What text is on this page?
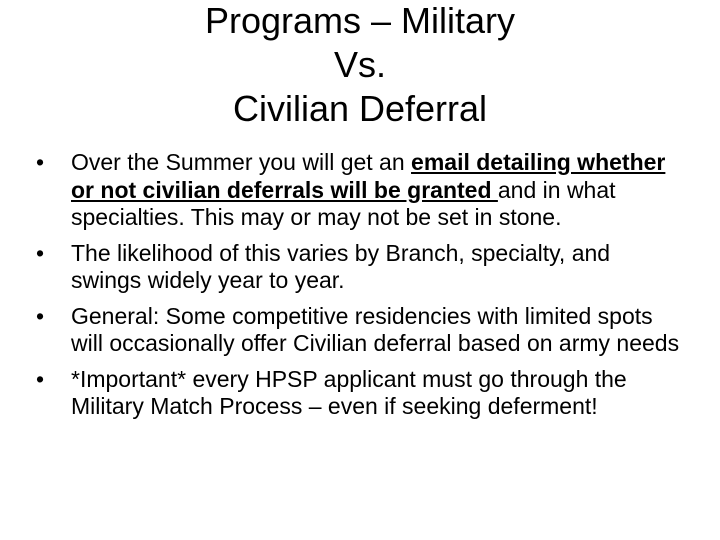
Programs – Military
Vs.
Civilian Deferral
•	Over the Summer you will get an email detailing whether or not civilian deferrals will be granted and in what specialties. This may or may not be set in stone.
•	The likelihood of this varies by Branch, specialty, and swings widely year to year.
•	General: Some competitive residencies with limited spots will occasionally offer Civilian deferral based on army needs
•	*Important* every HPSP applicant must go through the Military Match Process – even if seeking deferment!
